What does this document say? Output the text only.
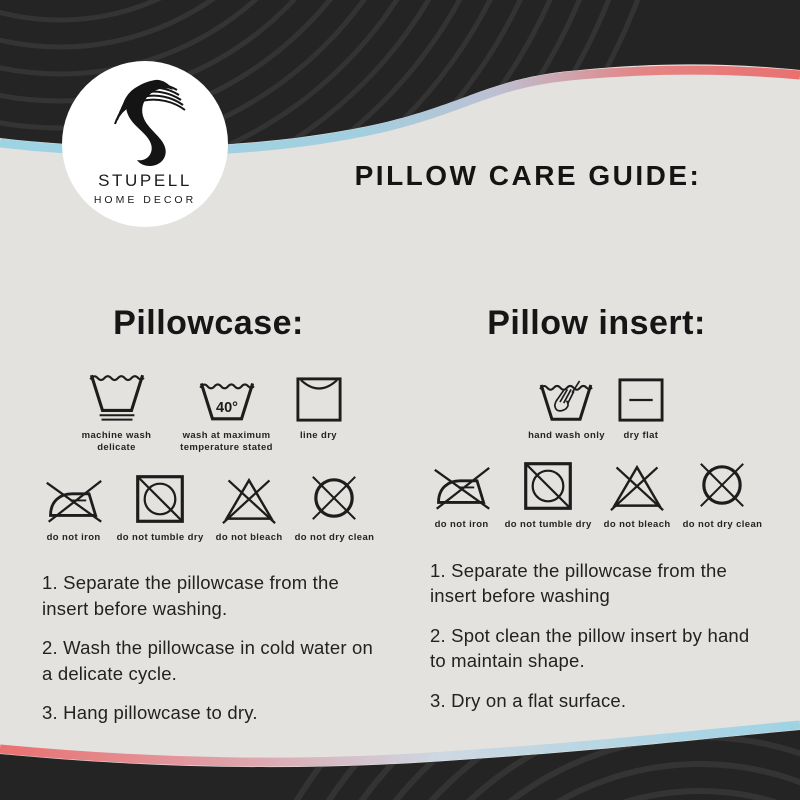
STUPELL
HOME DECOR
PILLOW CARE GUIDE:
Pillowcase:
machine wash delicate
40°
wash at maximum temperature stated
line dry
do not iron do not tumble dry do not bleach do not dry clean

1. Separate the pillowcase from the insert before washing.

2. Wash the pillowcase in cold water on a delicate cycle.

3. Hang pillowcase to dry.

Pillow insert:
hand wash only dry flat
do not iron do not tumble dry do not bleach do not dry clean

1. Separate the pillowcase from the insert before washing

2. Spot clean the pillow insert by hand to maintain shape.

3. Dry on a flat surface.
